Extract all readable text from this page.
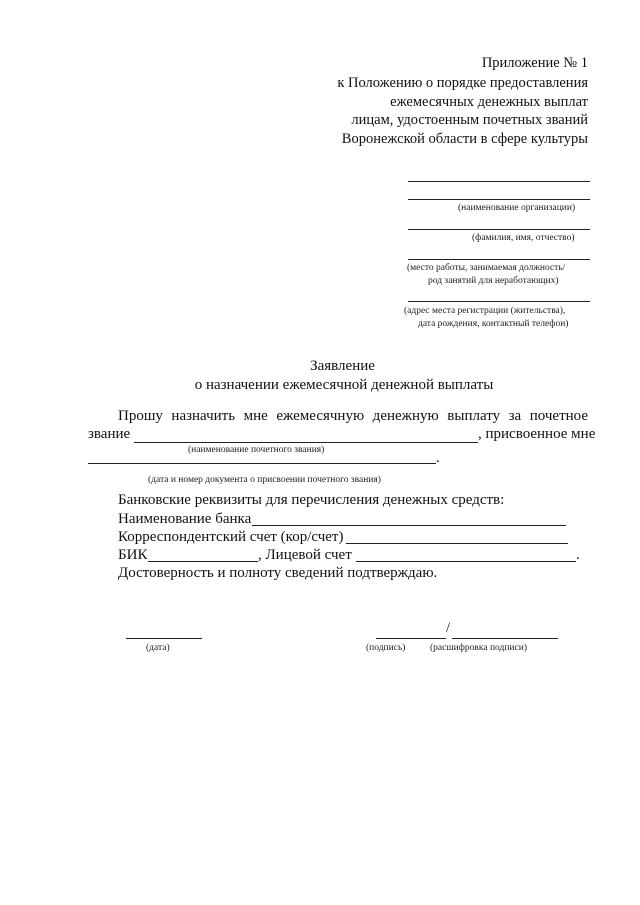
Приложение № 1
к Положению о порядке предоставления
ежемесячных денежных выплат
лицам, удостоенным почетных званий
Воронежской области в сфере культуры
(наименование организации)
(фамилия, имя, отчество)
(место работы, занимаемая должность/
род занятий для неработающих)
(адрес места регистрации (жительства),
дата рождения, контактный телефон)
Заявление
о назначении ежемесячной денежной выплаты
Прошу назначить мне ежемесячную денежную выплату за почетное
звание	, присвоенное мне
(наименование почетного звания)	.
(дата и номер документа о присвоении почетного звания)
Банковские реквизиты для перечисления денежных средств:
Наименование банка
Корреспондентский счет (кор/счет)
БИК	, Лицевой счет	.
Достоверность и полноту сведений подтверждаю.
(дата)
/
(подпись)	(расшифровка подписи)
